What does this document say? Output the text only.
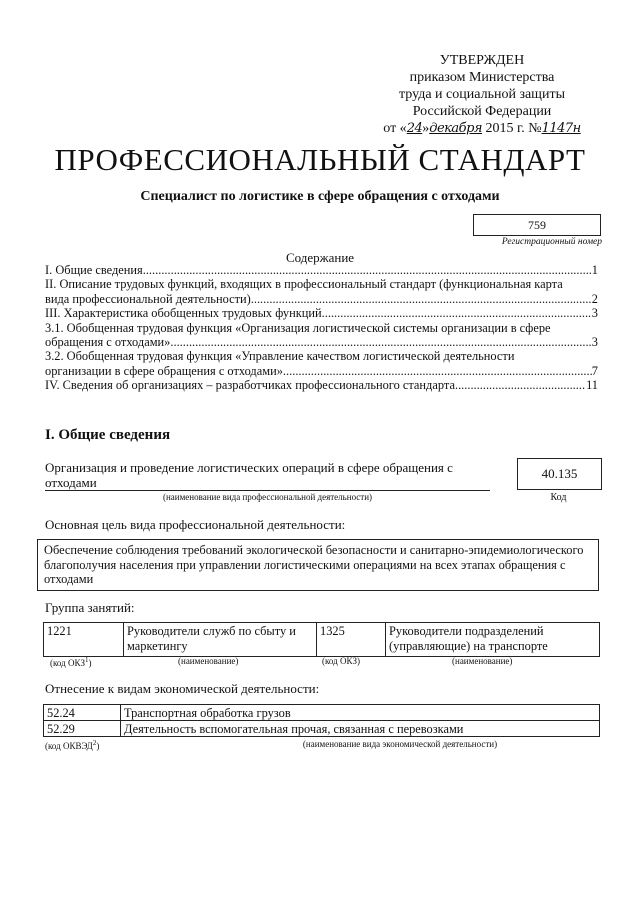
УТВЕРЖДЕН
приказом Министерства
труда и социальной защиты
Российской Федерации
от «24»декабря 2015 г. №1147н
ПРОФЕССИОНАЛЬНЫЙ СТАНДАРТ
Специалист по логистике в сфере обращения с отходами
759
Регистрационный номер
Содержание
I. Общие сведения .....	1
II. Описание трудовых функций, входящих в профессиональный стандарт (функциональная карта
вида профессиональной деятельности) .....	2
III. Характеристика обобщенных трудовых функций .....	3
3.1. Обобщенная трудовая функция «Организация логистической системы организации в сфере
обращения с отходами» .....	3
3.2. Обобщенная трудовая функция «Управление качеством логистической деятельности
организации в сфере обращения с отходами» .....	7
IV. Сведения об организациях – разработчиках профессионального стандарта .....	11
I. Общие сведения
Организация и проведение логистических операций в сфере обращения с отходами
(наименование вида профессиональной деятельности)
40.135
Код
Основная цель вида профессиональной деятельности:
Обеспечение соблюдения требований экологической безопасности и санитарно-эпидемиологического благополучия населения при управлении логистическими операциями на всех этапах обращения с отходами
Группа занятий:
1221	Руководители служб по сбыту и маркетингу	1325	Руководители подразделений (управляющие) на транспорте
(код ОКЗ$^1$)	(наименование)	(код ОКЗ)	(наименование)
Отнесение к видам экономической деятельности:
52.24	Транспортная обработка грузов
52.29	Деятельность вспомогательная прочая, связанная с перевозками
(код ОКВЭД$^2$)	(наименование вида экономической деятельности)
